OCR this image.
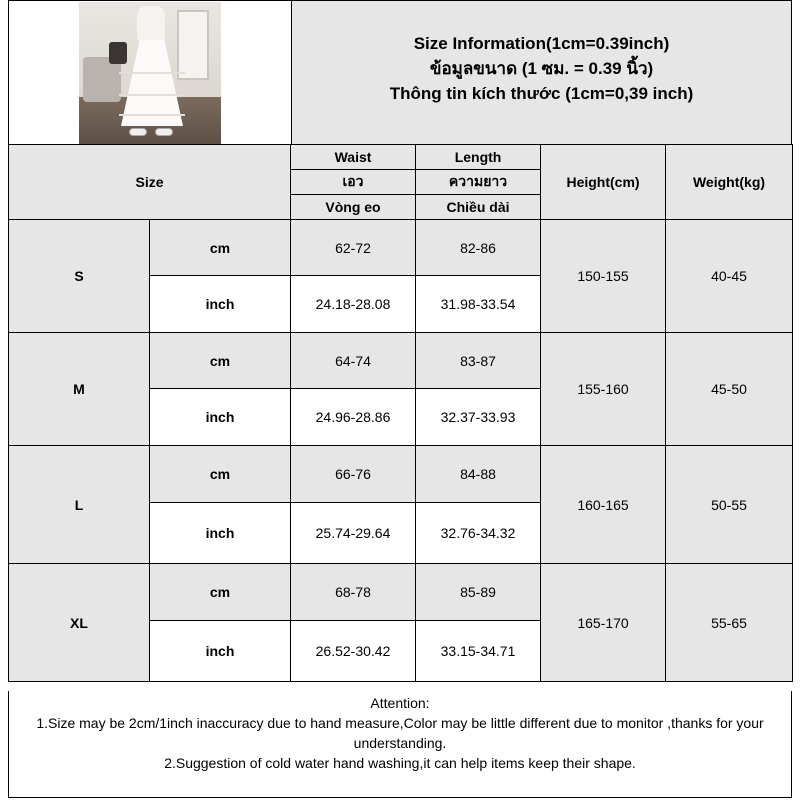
Size Information(1cm=0.39inch)
ข้อมูลขนาด (1 ซม. = 0.39 นิ้ว)
Thông tin kích thước (1cm=0,39 inch)
Size		Waist	Length	Height(cm)	Weight(kg)
		เอว	ความยาว		
		Vòng eo	Chiều dài		
S	cm	62-72	82-86	150-155	40-45
	inch	24.18-28.08	31.98-33.54		
M	cm	64-74	83-87	155-160	45-50
	inch	24.96-28.86	32.37-33.93		
L	cm	66-76	84-88	160-165	50-55
	inch	25.74-29.64	32.76-34.32		
XL	cm	68-78	85-89	165-170	55-65
	inch	26.52-30.42	33.15-34.71		
Attention:
1.Size may be 2cm/1inch inaccuracy due to hand measure,Color may be little different due to monitor ,thanks for your understanding.
2.Suggestion of cold water hand washing,it can help items keep their shape.
